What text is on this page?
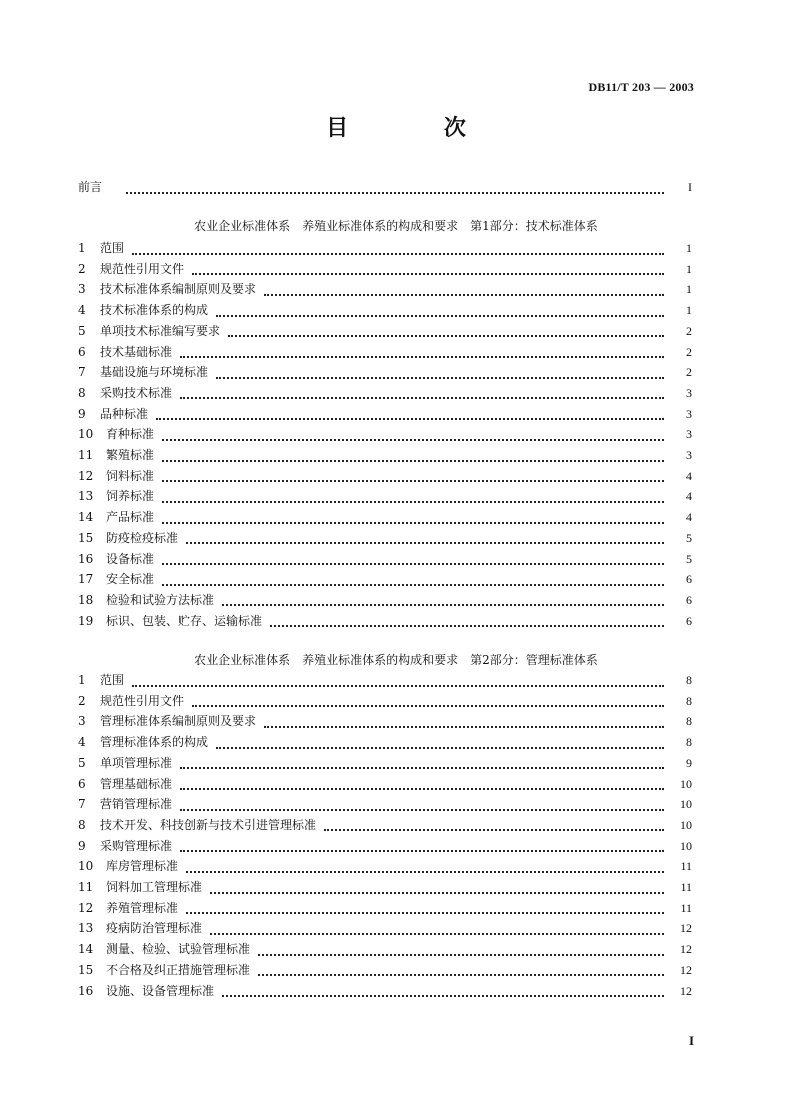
DB11/T 203 — 2003
目 次
前言	I
农业企业标准体系　养殖业标准体系的构成和要求　第1部分：技术标准体系
1	范围	1
2	规范性引用文件	1
3	技术标准体系编制原则及要求	1
4	技术标准体系的构成	1
5	单项技术标准编写要求	2
6	技术基础标准	2
7	基础设施与环境标准	2
8	采购技术标准	3
9	品种标准	3
10	育种标准	3
11	繁殖标准	3
12	饲料标准	4
13	饲养标准	4
14	产品标准	4
15	防疫检疫标准	5
16	设备标准	5
17	安全标准	6
18	检验和试验方法标准	6
19	标识、包装、贮存、运输标准	6
农业企业标准体系　养殖业标准体系的构成和要求　第2部分：管理标准体系
1	范围	8
2	规范性引用文件	8
3	管理标准体系编制原则及要求	8
4	管理标准体系的构成	8
5	单项管理标准	9
6	管理基础标准	10
7	营销管理标准	10
8	技术开发、科技创新与技术引进管理标准	10
9	采购管理标准	10
10	库房管理标准	11
11	饲料加工管理标准	11
12	养殖管理标准	11
13	疫病防治管理标准	12
14	测量、检验、试验管理标准	12
15	不合格及纠正措施管理标准	12
16	设施、设备管理标准	12
I
